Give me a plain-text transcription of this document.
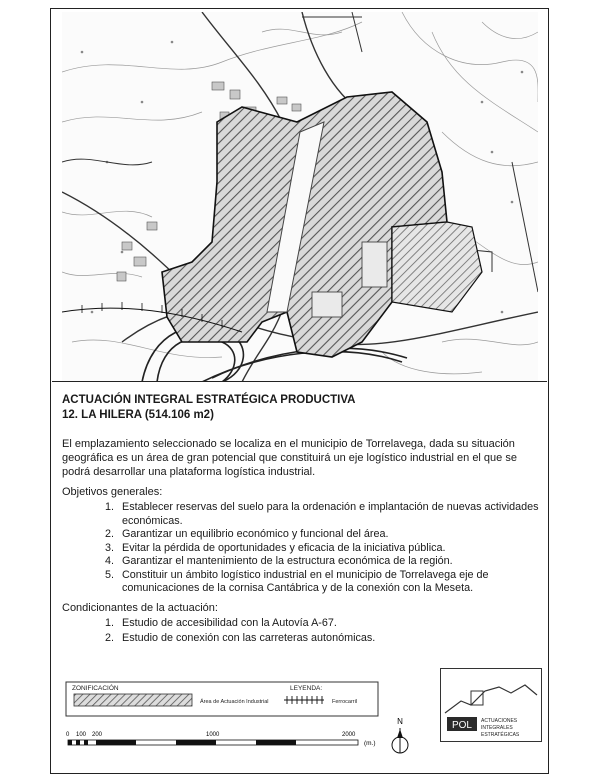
ACTUACIÓN INTEGRAL ESTRATÉGICA PRODUCTIVA
12. LA HILERA (514.106 m2)
El emplazamiento seleccionado se localiza en el municipio de Torrelavega, dada su situación geográfica es un área de gran potencial que constituirá un eje logístico industrial en el que se podrá desarrollar una plataforma logística industrial.
Objetivos generales:
1. Establecer reservas del suelo para la ordenación e implantación de nuevas actividades económicas.
2. Garantizar un equilibrio económico y funcional del área.
3. Evitar la pérdida de oportunidades y eficacia de la iniciativa pública.
4. Garantizar el mantenimiento de la estructura económica de la región.
5. Constituir un ámbito logístico industrial en el municipio de Torrelavega eje de comunicaciones de la cornisa Cantábrica y de la conexión con la Meseta.
Condicionantes de la actuación:
1. Estudio de accesibilidad con la Autovía A-67.
2. Estudio de conexión con las carreteras autonómicas.
ZONIFICACIÓN	LEYENDA:
Área de Actuación Industrial	Ferrocarril
0 100 200	1000	2000
(m.)
N	POL ACTUACIONES
INTEGRALES
ESTRATÉGICAS
